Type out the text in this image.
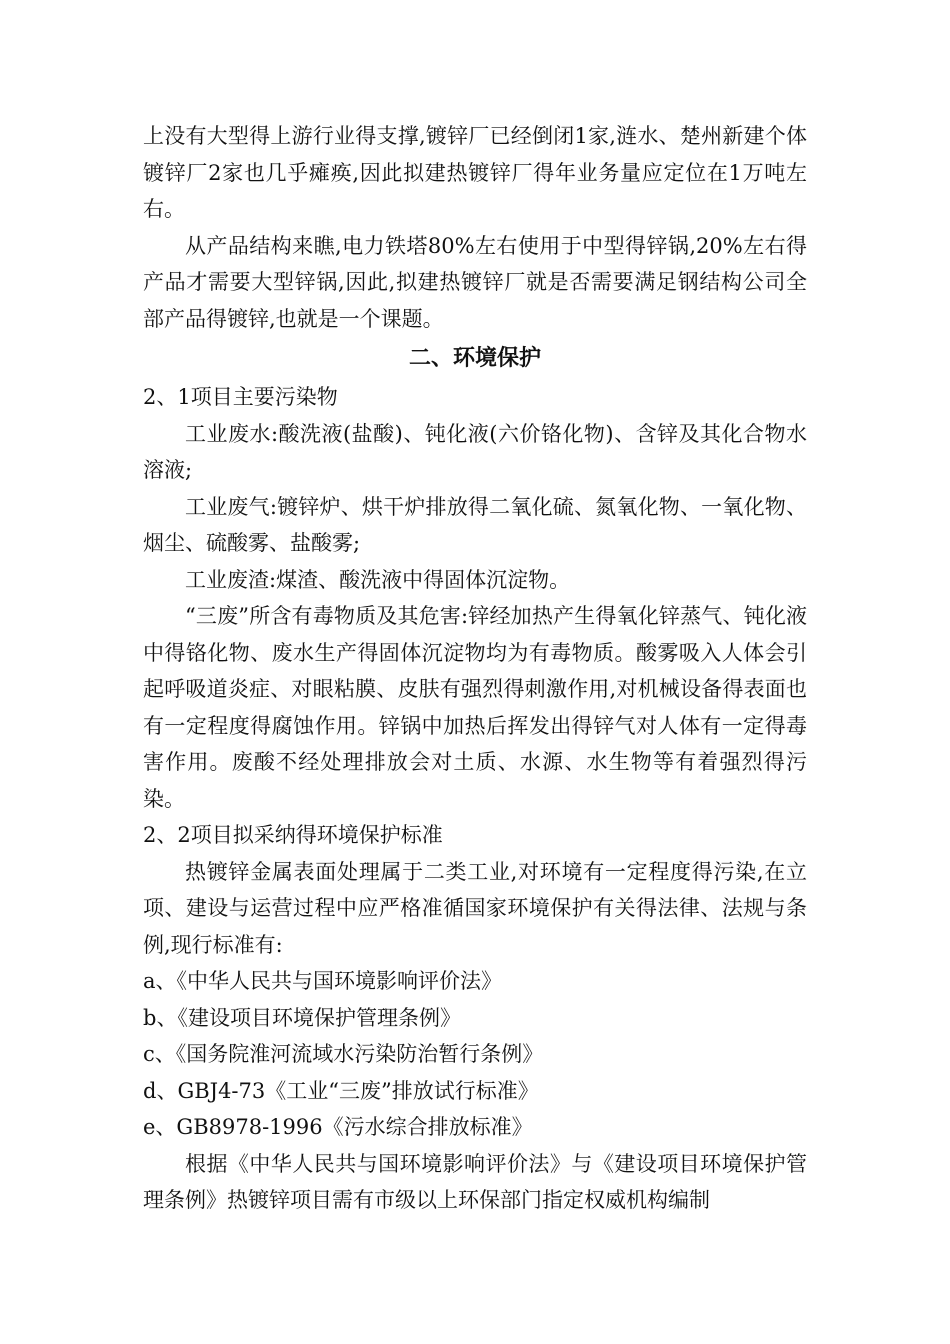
上没有大型得上游行业得支撑,镀锌厂已经倒闭1家,涟水、楚州新建个体镀锌厂2家也几乎瘫痪,因此拟建热镀锌厂得年业务量应定位在1万吨左右。

从产品结构来瞧,电力铁塔80%左右使用于中型得锌锅,20%左右得产品才需要大型锌锅,因此,拟建热镀锌厂就是否需要满足钢结构公司全部产品得镀锌,也就是一个课题。

二、环境保护

2、1项目主要污染物

工业废水:酸洗液(盐酸)、钝化液(六价铬化物)、含锌及其化合物水溶液;

工业废气:镀锌炉、烘干炉排放得二氧化硫、氮氧化物、一氧化物、烟尘、硫酸雾、盐酸雾;

工业废渣:煤渣、酸洗液中得固体沉淀物。

“三废”所含有毒物质及其危害:锌经加热产生得氧化锌蒸气、钝化液中得铬化物、废水生产得固体沉淀物均为有毒物质。酸雾吸入人体会引起呼吸道炎症、对眼粘膜、皮肤有强烈得刺激作用,对机械设备得表面也有一定程度得腐蚀作用。锌锅中加热后挥发出得锌气对人体有一定得毒害作用。废酸不经处理排放会对土质、水源、水生物等有着强烈得污染。

2、2项目拟采纳得环境保护标准

热镀锌金属表面处理属于二类工业,对环境有一定程度得污染,在立项、建设与运营过程中应严格准循国家环境保护有关得法律、法规与条例,现行标准有:

a、《中华人民共与国环境影响评价法》

b、《建设项目环境保护管理条例》

c、《国务院淮河流域水污染防治暂行条例》

d、GBJ4-73《工业“三废”排放试行标准》

e、GB8978-1996《污水综合排放标准》

根据《中华人民共与国环境影响评价法》与《建设项目环境保护管理条例》热镀锌项目需有市级以上环保部门指定权威机构编制
